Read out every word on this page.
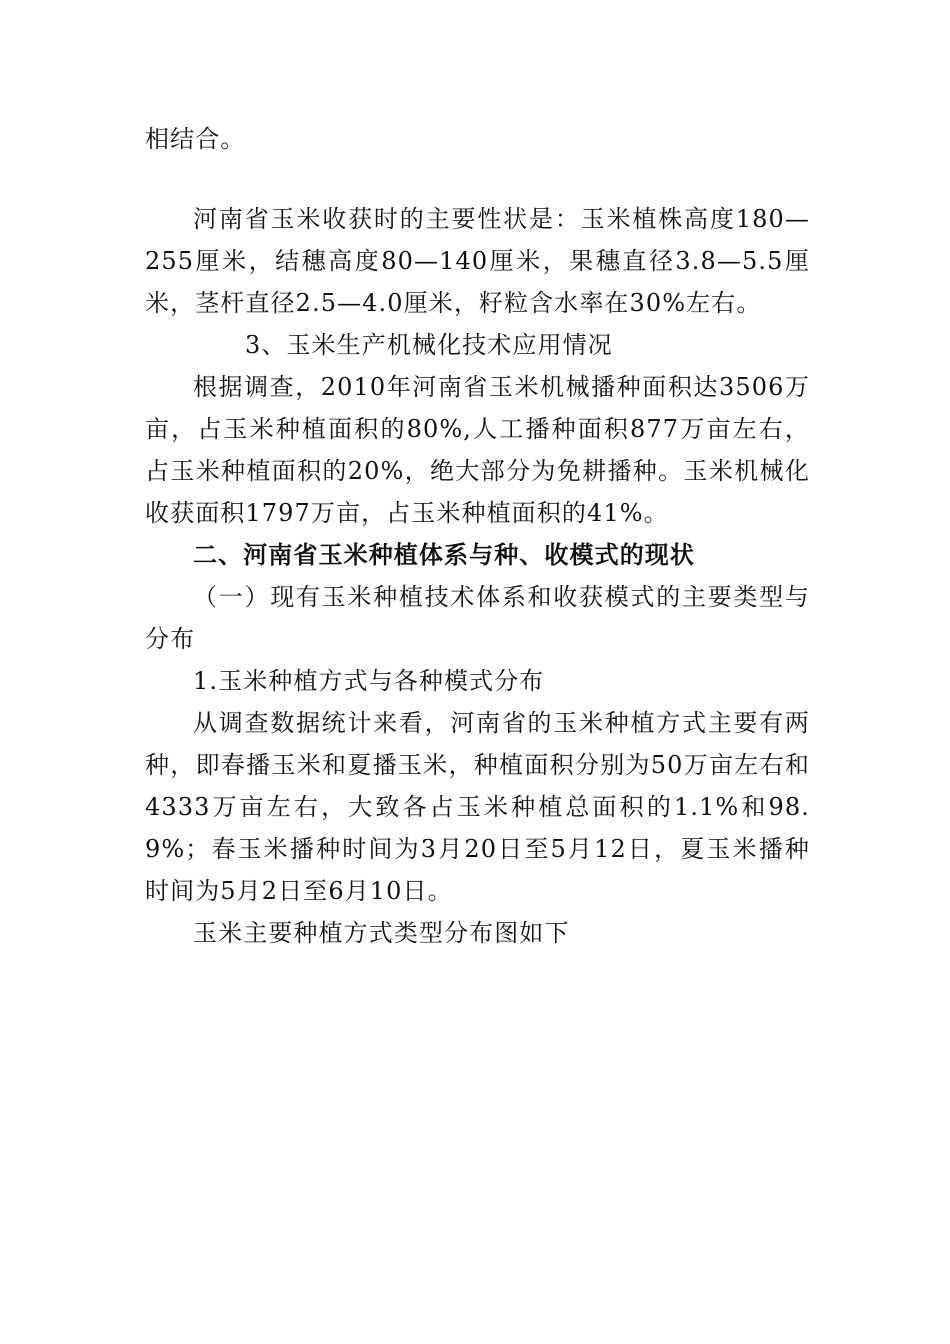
相结合。

河南省玉米收获时的主要性状是：玉米植株高度180—255厘米，结穗高度80—140厘米，果穗直径3.8—5.5厘米，茎杆直径2.5—4.0厘米，籽粒含水率在30%左右。

3、玉米生产机械化技术应用情况

根据调查，2010年河南省玉米机械播种面积达3506万亩，占玉米种植面积的80%,人工播种面积877万亩左右，占玉米种植面积的20%，绝大部分为免耕播种。玉米机械化收获面积1797万亩，占玉米种植面积的41%。

二、河南省玉米种植体系与种、收模式的现状

（一）现有玉米种植技术体系和收获模式的主要类型与分布

1.玉米种植方式与各种模式分布

从调查数据统计来看，河南省的玉米种植方式主要有两种，即春播玉米和夏播玉米，种植面积分别为50万亩左右和4333万亩左右，大致各占玉米种植总面积的1.1%和98.9%；春玉米播种时间为3月20日至5月12日，夏玉米播种时间为5月2日至6月10日。

玉米主要种植方式类型分布图如下
